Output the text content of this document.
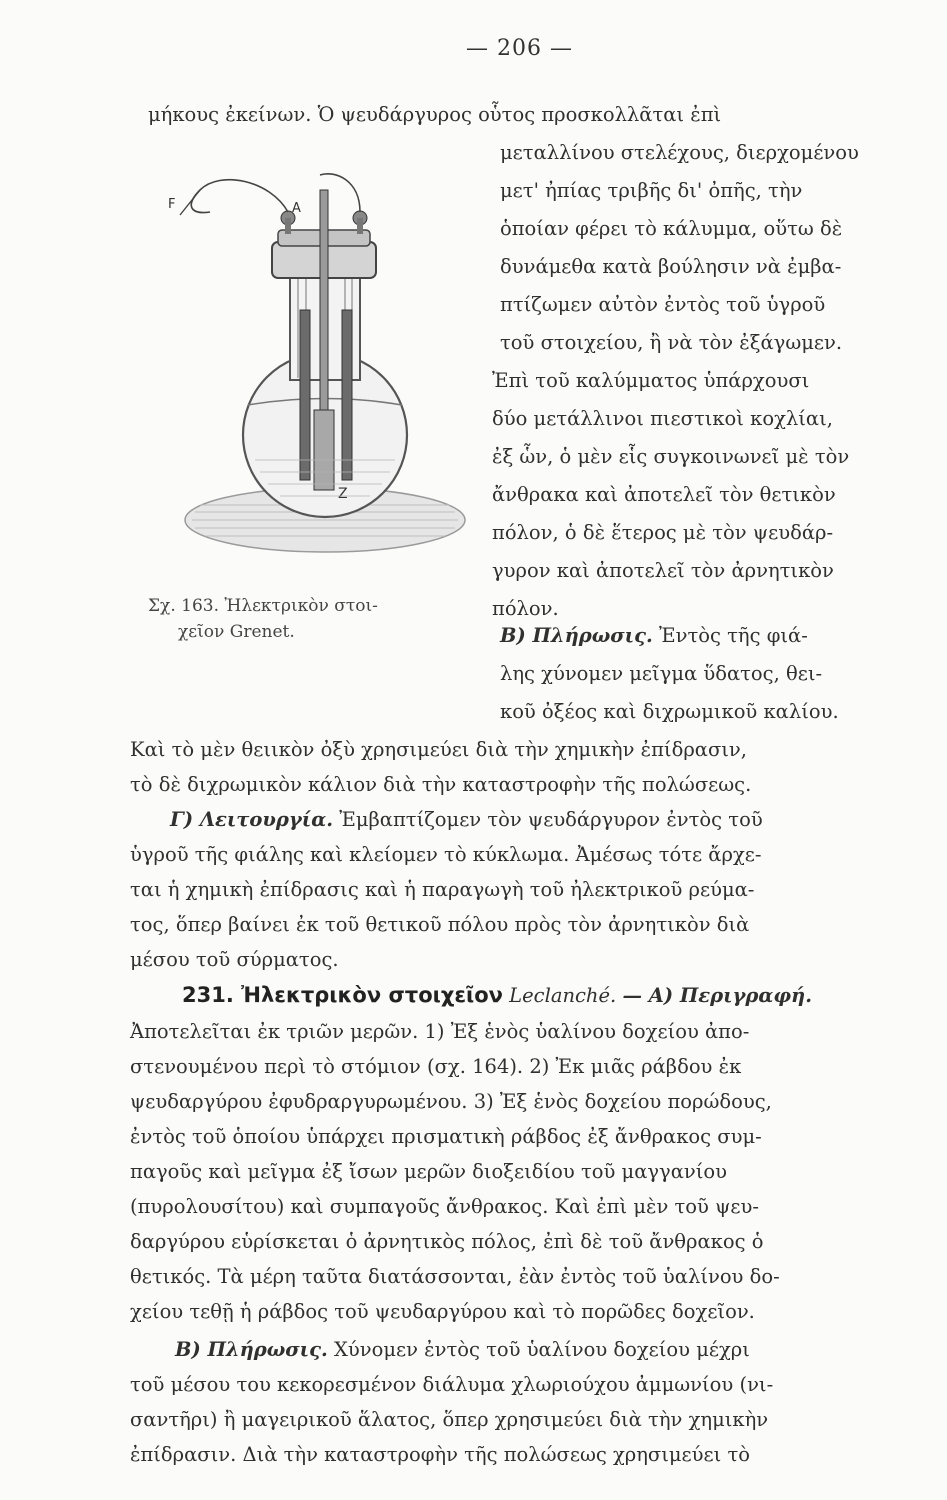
— 206 —
Z
A
F
Σχ. 163. Ἠλεκτρικὸν στοι-
χεῖον Grenet.
μήκους ἐκείνων. Ὁ ψευδάργυρος οὗτος προσκολλᾶται ἐπὶ
μεταλλίνου στελέχους, διερχομένου
μετ' ἠπίας τριβῆς δι' ὀπῆς, τὴν
ὁποίαν φέρει τὸ κάλυμμα, οὕτω δὲ
δυνάμεθα κατὰ βούλησιν νὰ ἐμβα-
πτίζωμεν αὐτὸν ἐντὸς τοῦ ὑγροῦ
τοῦ στοιχείου, ἢ νὰ τὸν ἐξάγωμεν.
Ἐπὶ τοῦ καλύμματος ὑπάρχουσι
δύο μετάλλινοι πιεστικοὶ κοχλίαι,
ἐξ ὧν, ὁ μὲν εἷς συγκοινωνεῖ μὲ τὸν
ἄνθρακα καὶ ἀποτελεῖ τὸν θετικὸν
πόλον, ὁ δὲ ἕτερος μὲ τὸν ψευδάρ-
γυρον καὶ ἀποτελεῖ τὸν ἀρνητικὸν
πόλον.
Β) Πλήρωσις. Ἐντὸς τῆς φιά-
λης χύνομεν μεῖγμα ὕδατος, θει-
κοῦ ὀξέος καὶ διχρωμικοῦ καλίου.
Καὶ τὸ μὲν θειικὸν ὀξὺ χρησιμεύει διὰ τὴν χημικὴν ἐπίδρασιν,
τὸ δὲ διχρωμικὸν κάλιον διὰ τὴν καταστροφὴν τῆς πολώσεως.
Γ) Λειτουργία. Ἐμβαπτίζομεν τὸν ψευδάργυρον ἐντὸς τοῦ
ὑγροῦ τῆς φιάλης καὶ κλείομεν τὸ κύκλωμα. Ἀμέσως τότε ἄρχε-
ται ἡ χημικὴ ἐπίδρασις καὶ ἡ παραγωγὴ τοῦ ἠλεκτρικοῦ ρεύμα-
τος, ὅπερ βαίνει ἐκ τοῦ θετικοῦ πόλου πρὸς τὸν ἀρνητικὸν διὰ
μέσου τοῦ σύρματος.
231. Ἠλεκτρικὸν στοιχεῖον Leclanché. — Α) Περιγραφή.
Ἀποτελεῖται ἐκ τριῶν μερῶν. 1) Ἐξ ἑνὸς ὑαλίνου δοχείου ἀπο-
στενουμένου περὶ τὸ στόμιον (σχ. 164). 2) Ἐκ μιᾶς ράβδου ἐκ
ψευδαργύρου ἐφυδραργυρωμένου. 3) Ἐξ ἑνὸς δοχείου πορώδους,
ἐντὸς τοῦ ὁποίου ὑπάρχει πρισματικὴ ράβδος ἐξ ἄνθρακος συμ-
παγοῦς καὶ μεῖγμα ἐξ ἴσων μερῶν διοξειδίου τοῦ μαγγανίου
(πυρολουσίτου) καὶ συμπαγοῦς ἄνθρακος. Καὶ ἐπὶ μὲν τοῦ ψευ-
δαργύρου εὑρίσκεται ὁ ἀρνητικὸς πόλος, ἐπὶ δὲ τοῦ ἄνθρακος ὁ
θετικός. Τὰ μέρη ταῦτα διατάσσονται, ἐὰν ἐντὸς τοῦ ὑαλίνου δο-
χείου τεθῇ ἡ ράβδος τοῦ ψευδαργύρου καὶ τὸ πορῶδες δοχεῖον.
Β) Πλήρωσις. Χύνομεν ἐντὸς τοῦ ὑαλίνου δοχείου μέχρι
τοῦ μέσου του κεκορεσμένον διάλυμα χλωριούχου ἀμμωνίου (νι-
σαντῆρι) ἢ μαγειρικοῦ ἅλατος, ὅπερ χρησιμεύει διὰ τὴν χημικὴν
ἐπίδρασιν. Διὰ τὴν καταστροφὴν τῆς πολώσεως χρησιμεύει τὸ
